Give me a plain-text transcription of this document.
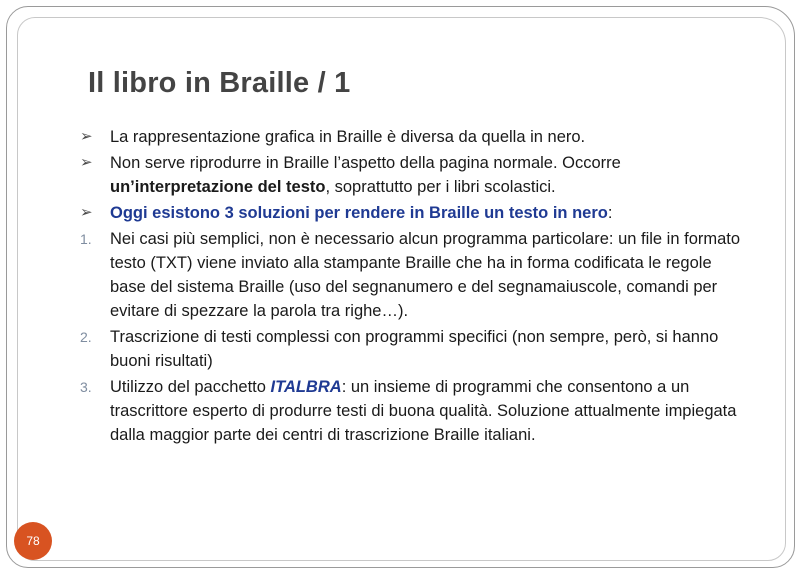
Il libro in Braille / 1
➢	La rappresentazione grafica in Braille è diversa da quella in nero.
➢	Non serve riprodurre in Braille l’aspetto della pagina normale. Occorre un’interpretazione del testo, soprattutto per i libri scolastici.
➢	Oggi esistono 3 soluzioni per rendere in Braille un testo in nero:
1.	Nei casi più semplici, non è necessario alcun programma particolare: un file in formato testo (TXT) viene inviato alla stampante Braille che ha in forma codificata le regole base del sistema Braille (uso del segnanumero e del segnamaiuscole, comandi per evitare di spezzare la parola tra righe…).
2.	Trascrizione di testi complessi con programmi specifici (non sempre, però, si hanno buoni risultati)
3.	Utilizzo del pacchetto ITALBRA: un insieme di programmi che consentono a un trascrittore esperto di produrre testi di buona qualità. Soluzione attualmente impiegata dalla maggior parte dei centri di trascrizione Braille italiani.
78
